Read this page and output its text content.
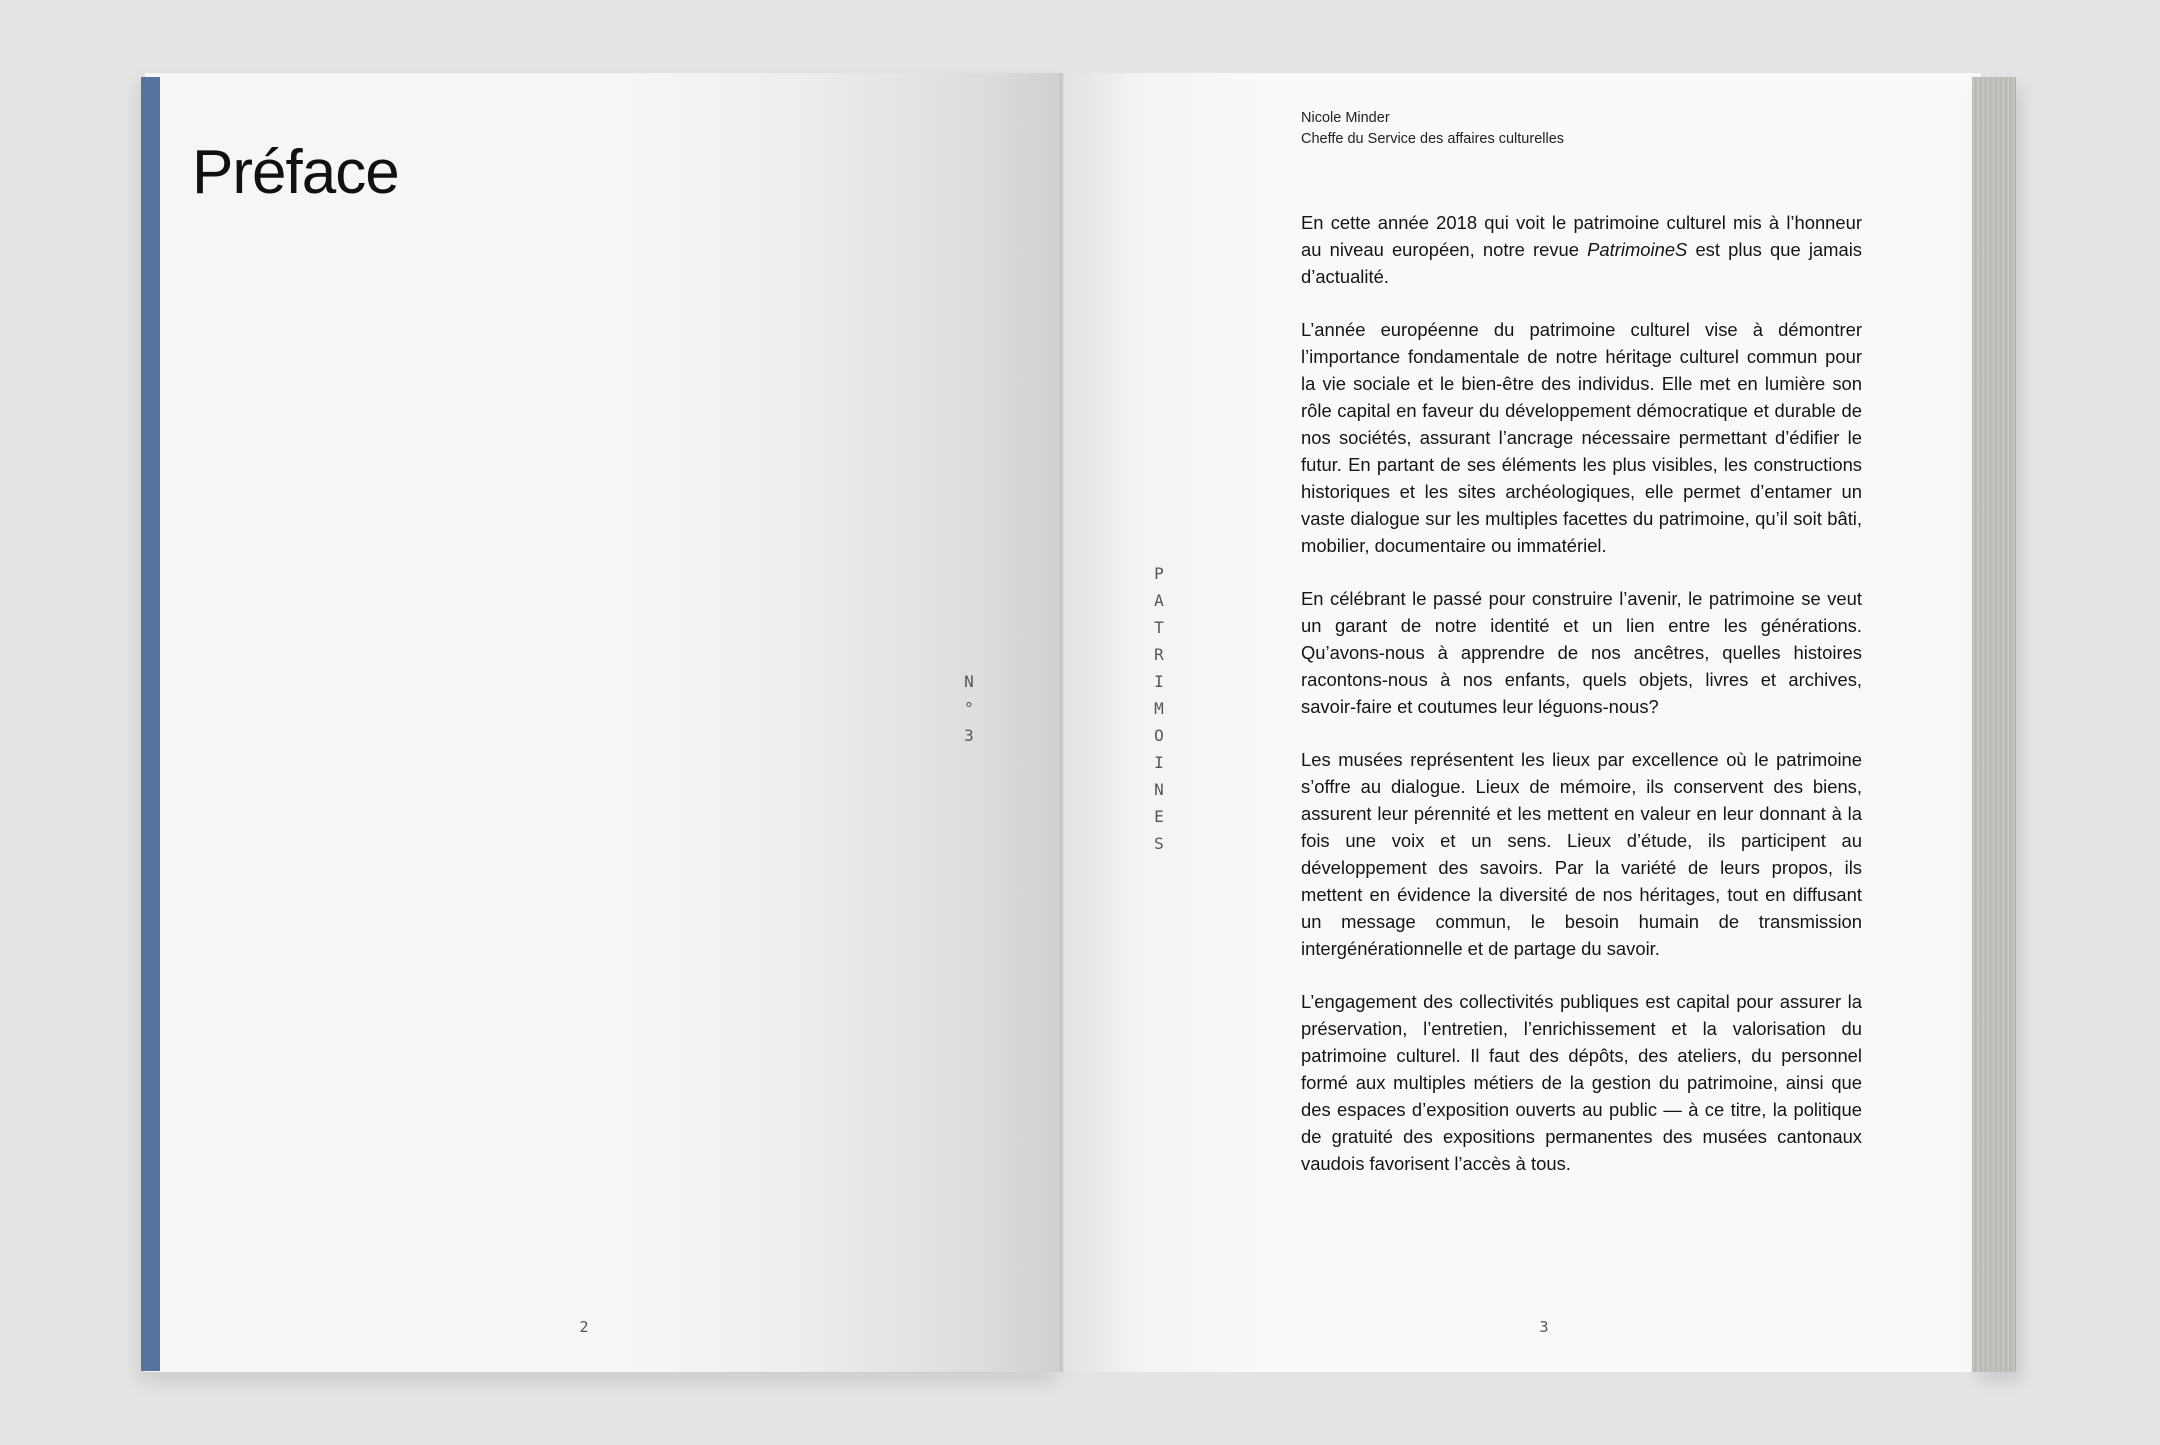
Préface
N
°
3
2
Nicole Minder
Cheffe du Service des affaires culturelles
P
A
T
R
I
M
O
I
N
E
S

En cette année 2018 qui voit le patrimoine culturel mis à l’honneur au niveau européen, notre revue PatrimoineS est plus que jamais d’actualité.

L’année européenne du patrimoine culturel vise à démontrer l’importance fondamentale de notre héritage culturel commun pour la vie sociale et le bien-être des individus. Elle met en lumière son rôle capital en faveur du développement démocratique et durable de nos sociétés, assurant l’ancrage nécessaire permettant d’édifier le futur. En partant de ses éléments les plus visibles, les constructions historiques et les sites archéologiques, elle permet d’entamer un vaste dialogue sur les multiples facettes du patrimoine, qu’il soit bâti, mobilier, documentaire ou immatériel.

En célébrant le passé pour construire l’avenir, le patrimoine se veut un garant de notre identité et un lien entre les générations. Qu’avons-nous à apprendre de nos ancêtres, quelles histoires racontons-nous à nos enfants, quels objets, livres et archives, savoir-faire et coutumes leur léguons-nous?

Les musées représentent les lieux par excellence où le patrimoine s’offre au dialogue. Lieux de mémoire, ils conservent des biens, assurent leur pérennité et les mettent en valeur en leur donnant à la fois une voix et un sens. Lieux d’étude, ils participent au développement des savoirs. Par la variété de leurs propos, ils mettent en évidence la diversité de nos héritages, tout en diffusant un message commun, le besoin humain de transmission intergénérationnelle et de partage du savoir.

L’engagement des collectivités publiques est capital pour assurer la préservation, l’entretien, l’enrichissement et la valorisation du patrimoine culturel. Il faut des dépôts, des ateliers, du personnel formé aux multiples métiers de la gestion du patrimoine, ainsi que des espaces d’exposition ouverts au public — à ce titre, la politique de gratuité des expositions permanentes des musées cantonaux vaudois favorisent l’accès à tous.

3
